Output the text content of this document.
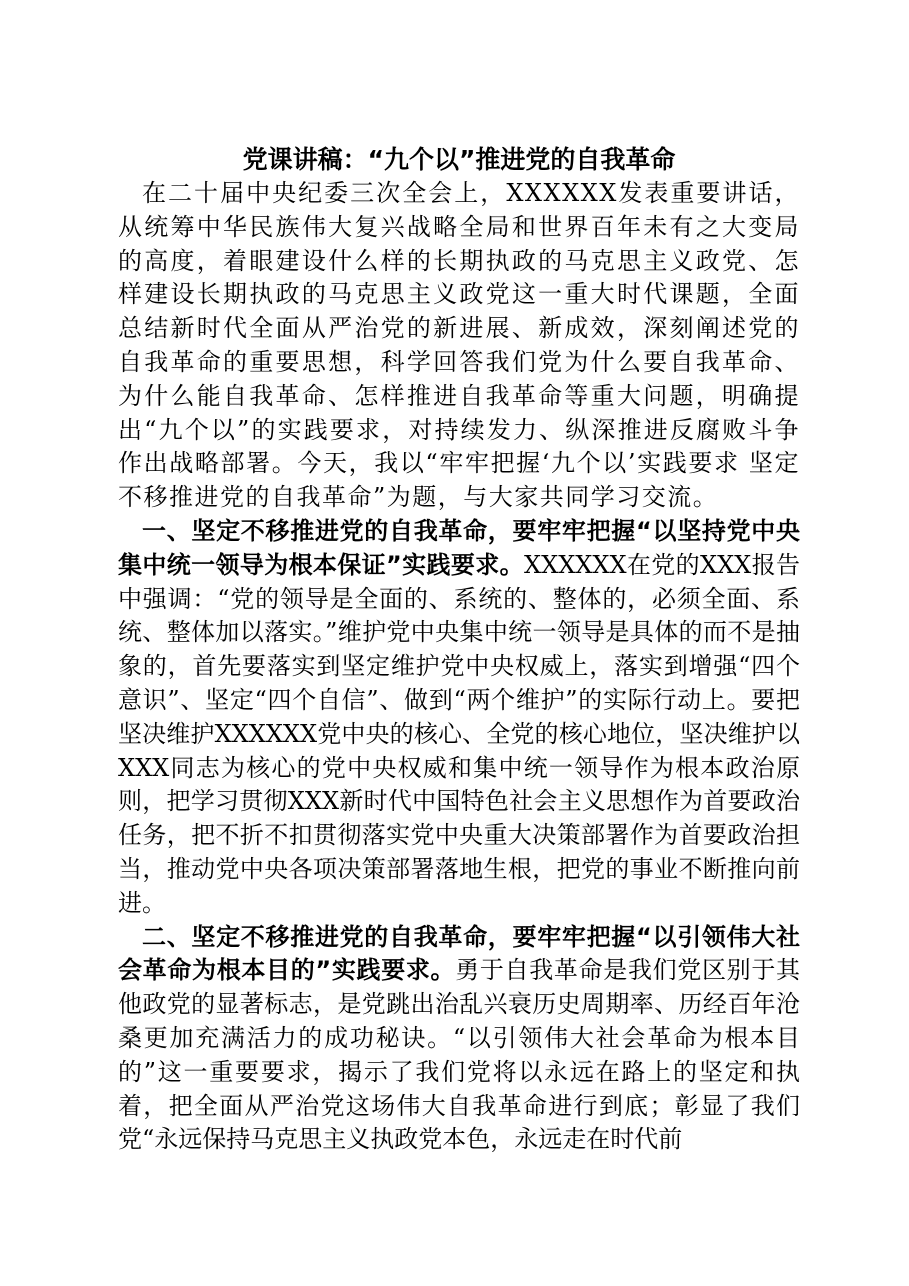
党课讲稿：“九个以”推进党的自我革命

在二十届中央纪委三次全会上，XXXXXX发表重要讲话，从统筹中华民族伟大复兴战略全局和世界百年未有之大变局的高度，着眼建设什么样的长期执政的马克思主义政党、怎样建设长期执政的马克思主义政党这一重大时代课题，全面总结新时代全面从严治党的新进展、新成效，深刻阐述党的自我革命的重要思想，科学回答我们党为什么要自我革命、为什么能自我革命、怎样推进自我革命等重大问题，明确提出“九个以”的实践要求，对持续发力、纵深推进反腐败斗争作出战略部署。今天，我以“牢牢把握‘九个以’实践要求 坚定不移推进党的自我革命”为题，与大家共同学习交流。

一、坚定不移推进党的自我革命，要牢牢把握“以坚持党中央集中统一领导为根本保证”实践要求。XXXXXX在党的XXX报告中强调：“党的领导是全面的、系统的、整体的，必须全面、系统、整体加以落实。”维护党中央集中统一领导是具体的而不是抽象的，首先要落实到坚定维护党中央权威上，落实到增强“四个意识”、坚定“四个自信”、做到“两个维护”的实际行动上。要把坚决维护XXXXXX党中央的核心、全党的核心地位，坚决维护以XXX同志为核心的党中央权威和集中统一领导作为根本政治原则，把学习贯彻XXX新时代中国特色社会主义思想作为首要政治任务，把不折不扣贯彻落实党中央重大决策部署作为首要政治担当，推动党中央各项决策部署落地生根，把党的事业不断推向前进。

二、坚定不移推进党的自我革命，要牢牢把握“以引领伟大社会革命为根本目的”实践要求。勇于自我革命是我们党区别于其他政党的显著标志，是党跳出治乱兴衰历史周期率、历经百年沧桑更加充满活力的成功秘诀。“以引领伟大社会革命为根本目的”这一重要要求，揭示了我们党将以永远在路上的坚定和执着，把全面从严治党这场伟大自我革命进行到底；彰显了我们党“永远保持马克思主义执政党本色，永远走在时代前
